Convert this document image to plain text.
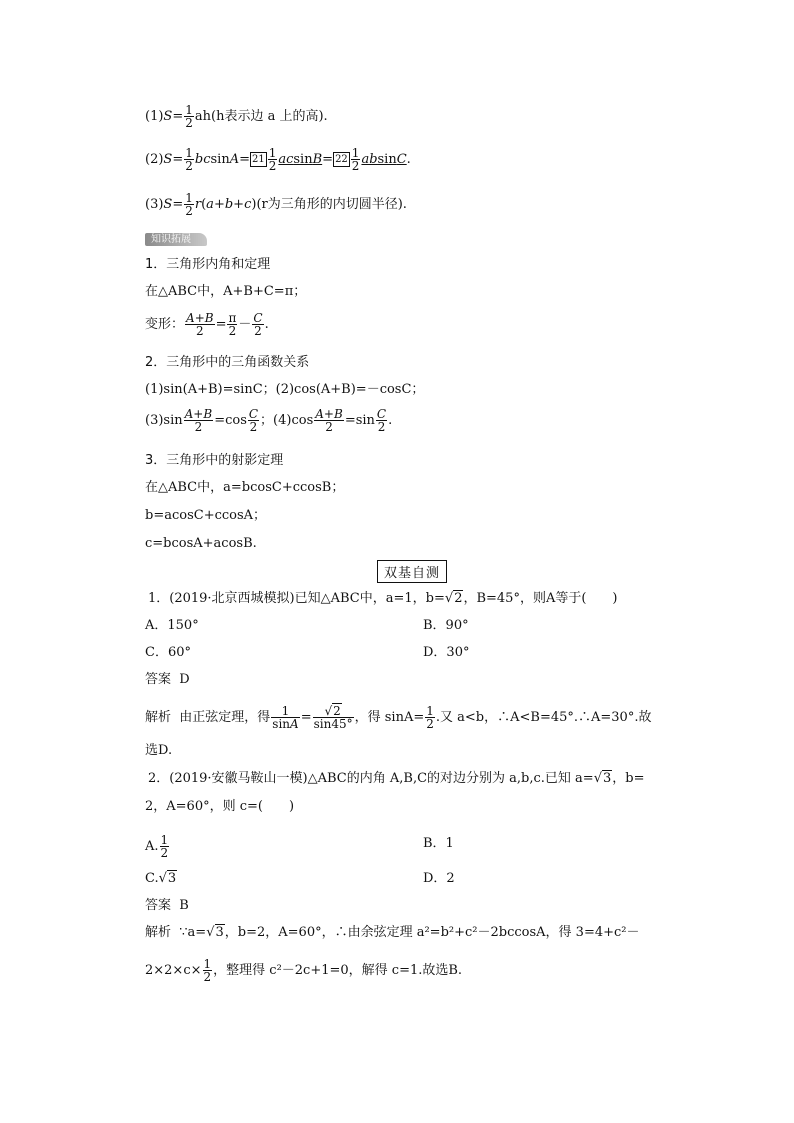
$(1)S= \frac{1}{2} ah(h$表示边 a 上的高).
$(2)S= \frac{1}{2} bcsinA= 21 \frac{1}{2} acsinB= 22 \frac{1}{2} absinC$.
$(3)S= \frac{1}{2} r(a+b+c)(r$为三角形的内切圆半径).
知识拓展
1．三角形内角和定理
在△ABC中，A+B+C=π；
变形： $\frac{A+B}{2} = \frac{\pi}{2} - \frac{C}{2}$ .
2．三角形中的三角函数关系
(1)sin(A+B)=sinC；(2)cos(A+B)=－cosC；
$(3)\sin \frac{A+B}{2} =\cos \frac{C}{2}$ ；$(4)\cos \frac{A+B}{2} =\sin \frac{C}{2}$ .
3．三角形中的射影定理
在△ABC中，a=bcosC+ccosB；
b=acosC+ccosA；
c=bcosA+acosB.
双基自测
1．(2019·北京西城模拟)已知△ABC中，a=1，b=√2，B=45°，则A等于(　　)
A．150°	B．90°
C．60°	D．30°
答案 D
解析 由正弦定理，得 $\frac{1}{\sin A} = \frac{√2}{\sin 45^\circ}$ ，得 $\sin A= \frac{1}{2}$ .又 a<b，∴A<B=45°.∴A=30°.故
选D.
2．(2019·安徽马鞍山一模)△ABC的内角 A,B,C的对边分别为 a,b,c.已知 a=√3，b=
2，A=60°，则 c=(　　)
A. $\frac{1}{2}$	B．1
C.√3	D．2
答案 B
解析 ∵a=√3，b=2，A=60°，∴由余弦定理 a²=b²+c²－2bccosA，得 3=4+c²－
$2\times 2\times c\times \frac{1}{2}$ ，整理得 c²－2c+1=0，解得 c=1.故选B.
